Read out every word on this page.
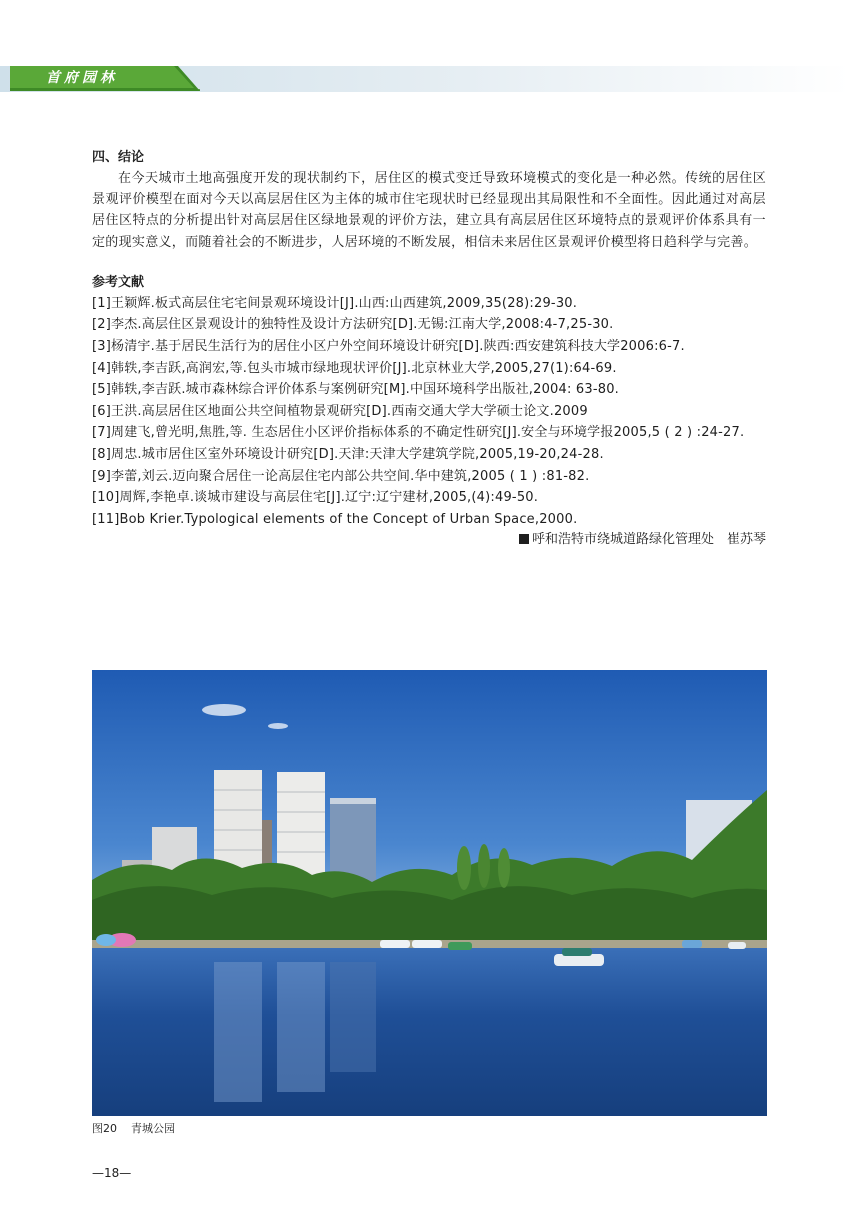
首府园林
四、结论

在今天城市土地高强度开发的现状制约下，居住区的模式变迁导致环境模式的变化是一种必然。传统的居住区景观评价模型在面对今天以高层居住区为主体的城市住宅现状时已经显现出其局限性和不全面性。因此通过对高层居住区特点的分析提出针对高层居住区绿地景观的评价方法，建立具有高层居住区环境特点的景观评价体系具有一定的现实意义，而随着社会的不断进步，人居环境的不断发展，相信未来居住区景观评价模型将日趋科学与完善。

参考文献
[1]王颖辉.板式高层住宅宅间景观环境设计[J].山西:山西建筑,2009,35(28):29-30.
[2]李杰.高层住区景观设计的独特性及设计方法研究[D].无锡:江南大学,2008:4-7,25-30.
[3]杨清宇.基于居民生活行为的居住小区户外空间环境设计研究[D].陕西:西安建筑科技大学2006:6-7.
[4]韩轶,李吉跃,高润宏,等.包头市城市绿地现状评价[J].北京林业大学,2005,27(1):64-69.
[5]韩轶,李吉跃.城市森林综合评价体系与案例研究[M].中国环境科学出版社,2004: 63-80.
[6]王洪.高层居住区地面公共空间植物景观研究[D].西南交通大学大学硕士论文.2009
[7]周建飞,曾光明,焦胜,等. 生态居住小区评价指标体系的不确定性研究[J].安全与环境学报2005,5 ( 2 ) :24-27.
[8]周忠.城市居住区室外环境设计研究[D].天津:天津大学建筑学院,2005,19-20,24-28.
[9]李蕾,刘云.迈向聚合居住一论高层住宅内部公共空间.华中建筑,2005 ( 1 ) :81-82.
[10]周辉,李艳卓.谈城市建设与高层住宅[J].辽宁:辽宁建材,2005,(4):49-50.
[11]Bob Krier.Typological elements of the Concept of Urban Space,2000.
呼和浩特市绕城道路绿化管理处　崔苏琴
图20 青城公园
—18—
